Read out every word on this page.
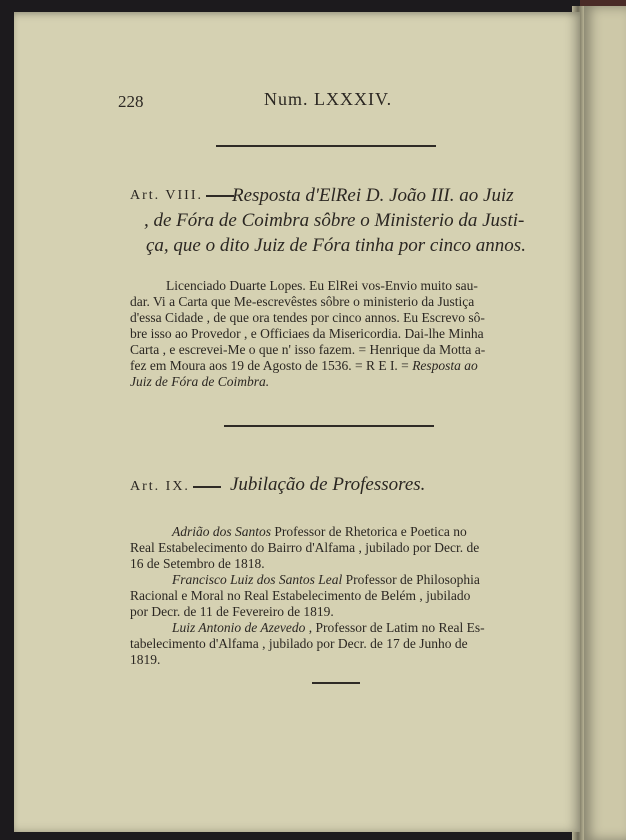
228	Num. LXXXIV.
Art. VIII.	Resposta d'ElRei D. João III. ao Juiz
, de Fóra de Coimbra sôbre o Ministerio da Justi-
ça, que o dito Juiz de Fóra tinha por cinco annos.
Licenciado Duarte Lopes. Eu ElRei vos-Envio muito sau-
dar. Vi a Carta que Me-escrevêstes sôbre o ministerio da Justiça
d'essa Cidade , de que ora tendes por cinco annos. Eu Escrevo sô-
bre isso ao Provedor , e Officiaes da Misericordia. Dai-lhe Minha
Carta , e escrevei-Me o que n' isso fazem. = Henrique da Motta a-
fez em Moura aos 19 de Agosto de 1536. = R E I. = Resposta ao
Juiz de Fóra de Coimbra.
Art. IX.	Jubilação de Professores.
Adrião dos Santos Professor de Rhetorica e Poetica no
Real Estabelecimento do Bairro d'Alfama , jubilado por Decr. de
16 de Setembro de 1818.
Francisco Luiz dos Santos Leal Professor de Philosophia
Racional e Moral no Real Estabelecimento de Belém , jubilado
por Decr. de 11 de Fevereiro de 1819.
Luiz Antonio de Azevedo , Professor de Latim no Real Es-
tabelecimento d'Alfama , jubilado por Decr. de 17 de Junho de
1819.
